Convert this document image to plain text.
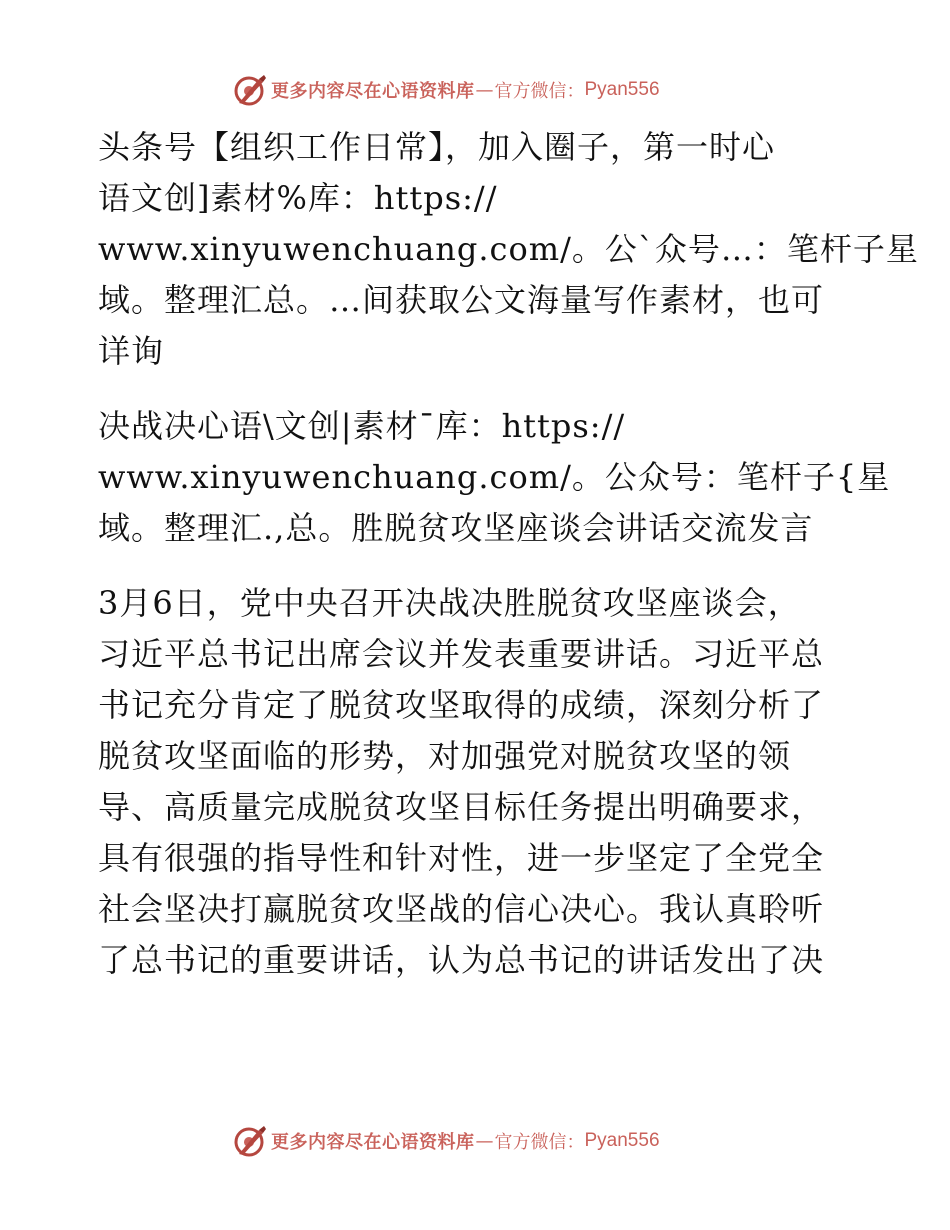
更多内容尽在心语资料库 — 官方微信： Pyan556
头条号【组织工作日常】，加入圈子，第一时心
语文创]素材%库：https://
www.xinyuwenchuang.com/。公`众号…：笔杆子星
域。整理汇总。…间获取公文海量写作素材，也可
详询
决战决心语\文创|素材¯库：https://
www.xinyuwenchuang.com/。公众号：笔杆子{星
域。整理汇.,总。胜脱贫攻坚座谈会讲话交流发言
3月6日，党中央召开决战决胜脱贫攻坚座谈会，
习近平总书记出席会议并发表重要讲话。习近平总
书记充分肯定了脱贫攻坚取得的成绩，深刻分析了
脱贫攻坚面临的形势，对加强党对脱贫攻坚的领
导、高质量完成脱贫攻坚目标任务提出明确要求，
具有很强的指导性和针对性，进一步坚定了全党全
社会坚决打赢脱贫攻坚战的信心决心。我认真聆听
了总书记的重要讲话，认为总书记的讲话发出了决
更多内容尽在心语资料库 — 官方微信： Pyan556
